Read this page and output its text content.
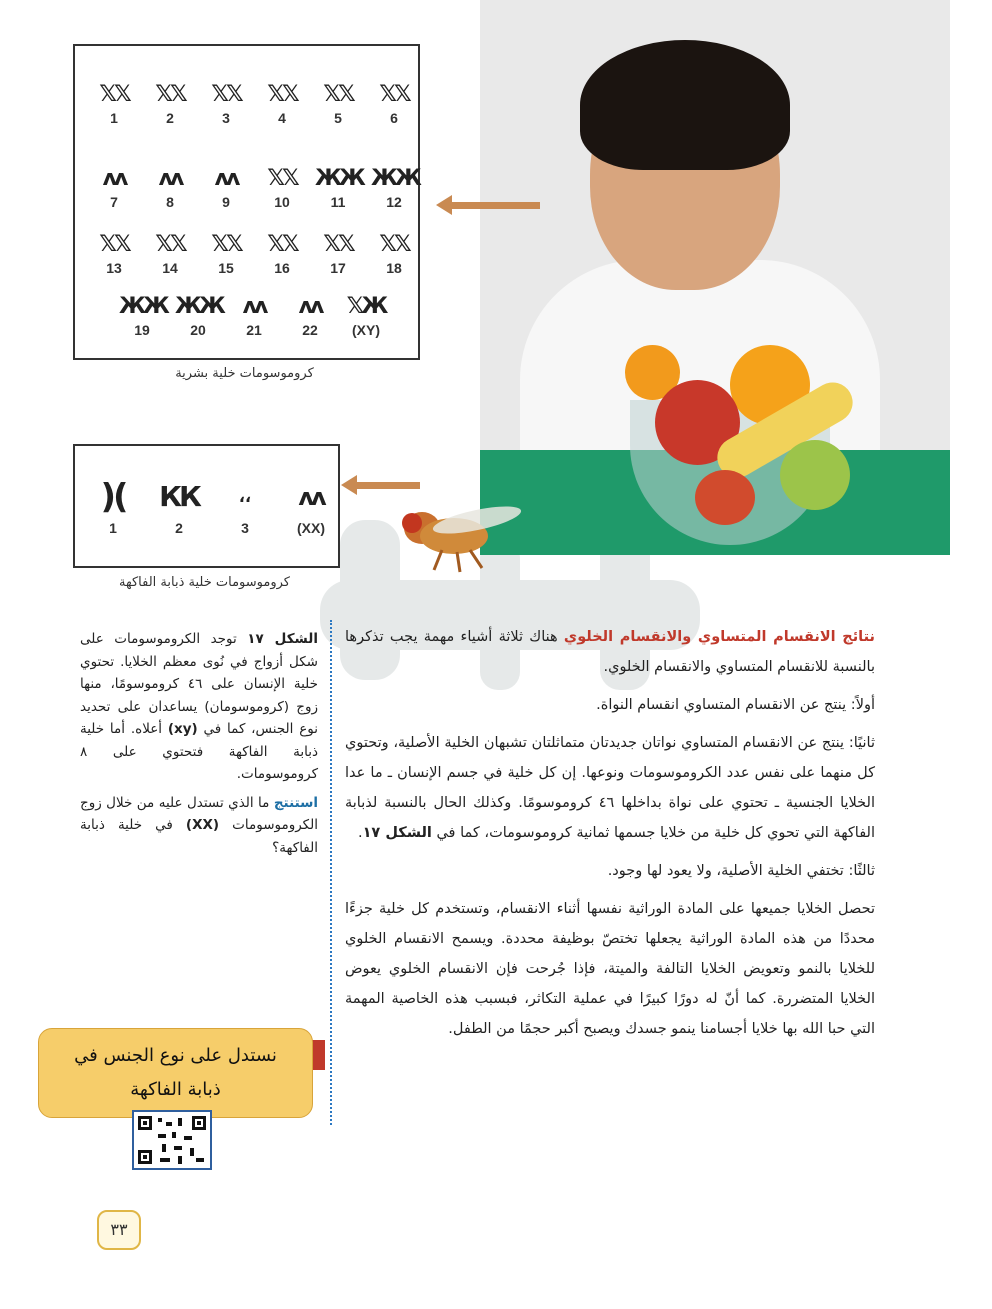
𝕏𝕏
1
𝕏𝕏
2
𝕏𝕏
3
𝕏𝕏
4
𝕏𝕏
5
𝕏𝕏
6
ᴧᴧ
7
ᴧᴧ
8
ᴧᴧ
9
𝕏𝕏
10
ЖЖ
11
ЖЖ
12
𝕏𝕏
13
𝕏𝕏
14
𝕏𝕏
15
𝕏𝕏
16
𝕏𝕏
17
𝕏𝕏
18
ЖЖ
19
ЖЖ
20
ᴧᴧ
21
ᴧᴧ
22
𝕏Ж
(XY)
كروموسومات خلية بشرية
)(
1
КК
2
،،
3
ᴧᴧ
(XX)
كروموسومات خلية ذبابة الفاكهة

نتائج الانقسام المتساوي والانقسام الخلوي هناك ثلاثة أشياء مهمة يجب تذكرها بالنسبة للانقسام المتساوي والانقسام الخلوي.

أولاً: ينتج عن الانقسام المتساوي انقسام النواة.

ثانيًا: ينتج عن الانقسام المتساوي نواتان جديدتان متماثلتان تشبهان الخلية الأصلية، وتحتوي كل منهما على نفس عدد الكروموسومات ونوعها. إن كل خلية في جسم الإنسان ـ ما عدا الخلايا الجنسية ـ تحتوي على نواة بداخلها ٤٦ كروموسومًا. وكذلك الحال بالنسبة لذبابة الفاكهة التي تحوي كل خلية من خلايا جسمها ثمانية كروموسومات، كما في الشكل ١٧.

ثالثًا: تختفي الخلية الأصلية، ولا يعود لها وجود.

تحصل الخلايا جميعها على المادة الوراثية نفسها أثناء الانقسام، وتستخدم كل خلية جزءًا محددًا من هذه المادة الوراثية يجعلها تختصّ بوظيفة محددة. ويسمح الانقسام الخلوي للخلايا بالنمو وتعويض الخلايا التالفة والميتة، فإذا جُرحت فإن الانقسام الخلوي يعوض الخلايا المتضررة. كما أنّ له دورًا كبيرًا في عملية التكاثر، فبسبب هذه الخاصية المهمة التي حبا الله بها خلايا أجسامنا ينمو جسدك ويصبح أكبر حجمًا من الطفل.

الشكل ١٧ توجد الكروموسومات على شكل أزواج في نُوى معظم الخلايا. تحتوي خلية الإنسان على ٤٦ كروموسومًا، منها زوج (كروموسومان) يساعدان على تحديد نوع الجنس، كما في (xy) أعلاه. أما خلية ذبابة الفاكهة فتحتوي على ٨ كروموسومات.

استنتج ما الذي تستدل عليه من خلال زوج الكروموسومات (XX) في خلية ذبابة الفاكهة؟

نستدل على نوع الجنس في
ذبابة الفاكهة
٣٣
